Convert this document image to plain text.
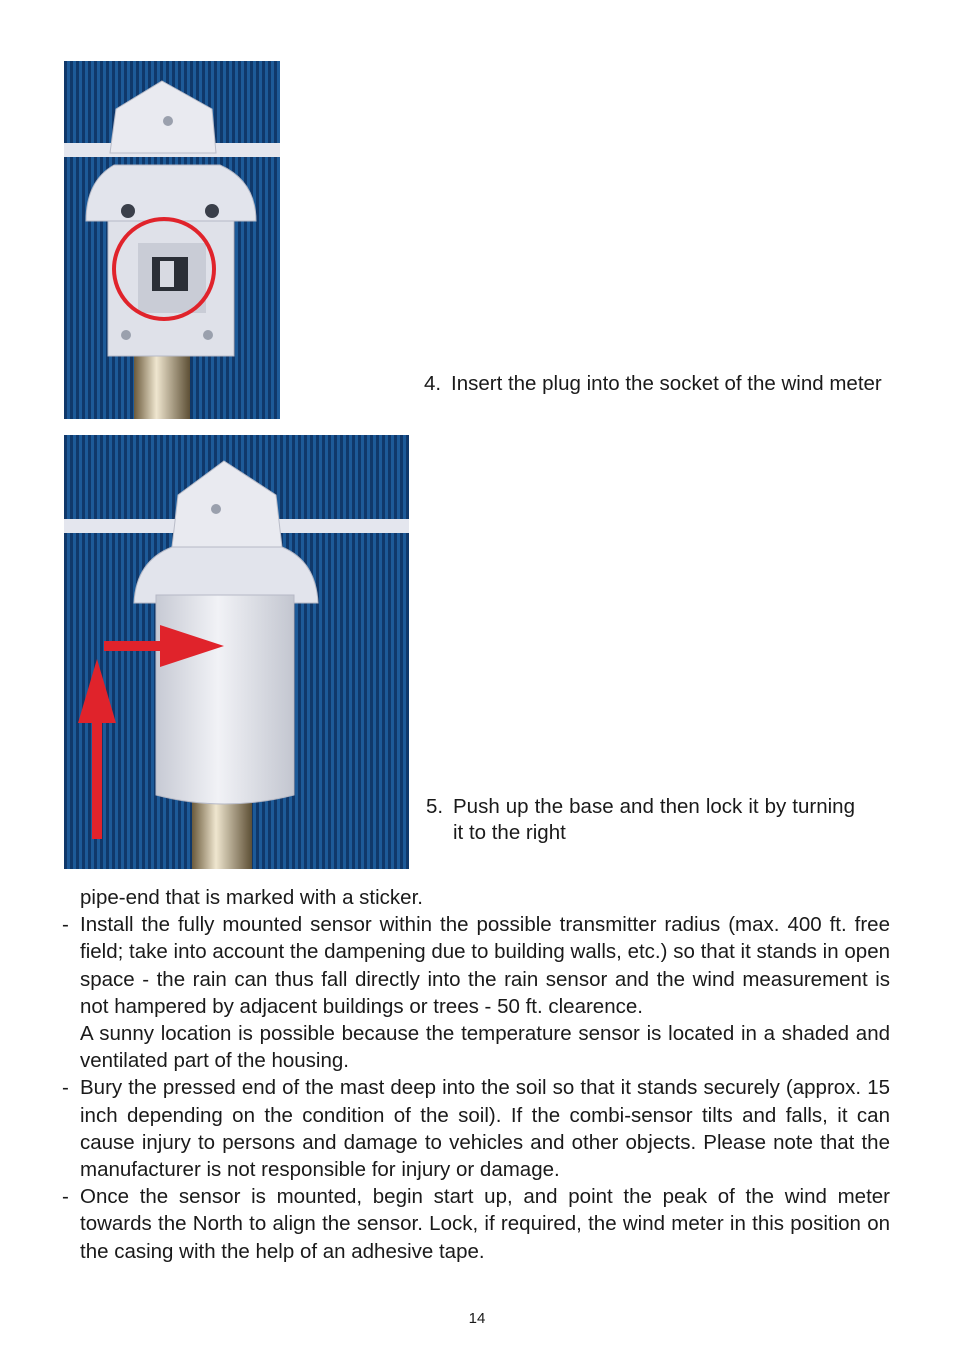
4. Insert the plug into the socket of the wind meter
5. Push up the base and then lock it by turning it to the right

pipe-end that is marked with a sticker.

- Install the fully mounted sensor within the possible transmitter radius (max. 400 ft. free field; take into account the dampening due to building walls, etc.) so that it stands in open space - the rain can thus fall directly into the rain sensor and the wind measurement is not hampered by adjacent buildings or trees - 50 ft. clearence.
A sunny location is possible because the temperature sensor is located in a shaded and ventilated part of the housing.
- Bury the pressed end of the mast deep into the soil so that it stands securely (approx. 15 inch depending on the condition of the soil). If the combi-sensor tilts and falls, it can cause injury to persons and damage to vehicles and other objects. Please note that the manufacturer is not responsible for injury or damage.
- Once the sensor is mounted, begin start up, and point the peak of the wind meter towards the North to align the sensor. Lock, if required, the wind meter in this position on the casing with the help of an adhesive tape.
14
